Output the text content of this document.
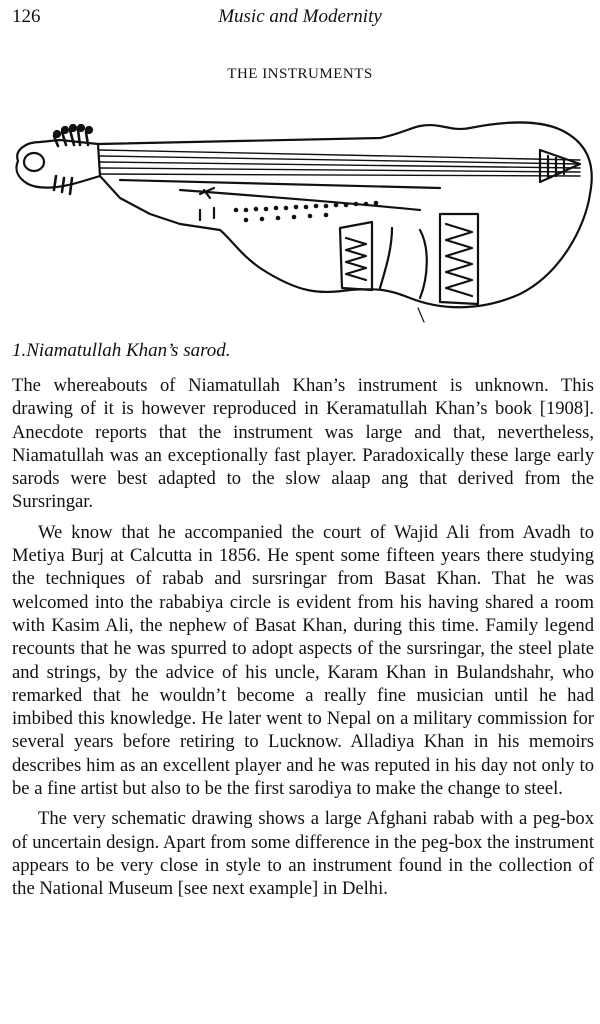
126	Music and Modernity
THE INSTRUMENTS
1.Niamatullah Khan’s sarod.

The whereabouts of Niamatullah Khan’s instrument is unknown. This drawing of it is however reproduced in Keramatullah Khan’s book [1908]. Anecdote reports that the instrument was large and that, nevertheless, Niamatullah was an exceptionally fast player. Paradoxically these large early sarods were best adapted to the slow alaap ang that derived from the Sursringar.

We know that he accompanied the court of Wajid Ali from Avadh to Metiya Burj at Calcutta in 1856. He spent some fifteen years there studying the techniques of rabab and sursringar from Basat Khan. That he was welcomed into the rababiya circle is evident from his having shared a room with Kasim Ali, the nephew of Basat Khan, during this time. Family legend recounts that he was spurred to adopt aspects of the sursringar, the steel plate and strings, by the advice of his uncle, Karam Khan in Bulandshahr, who remarked that he wouldn’t become a really fine musician until he had imbibed this knowledge. He later went to Nepal on a military commission for several years before retiring to Lucknow. Alladiya Khan in his memoirs describes him as an excellent player and he was reputed in his day not only to be a fine artist but also to be the first sarodiya to make the change to steel.

The very schematic drawing shows a large Afghani rabab with a peg-box of uncertain design. Apart from some difference in the peg-box the instrument appears to be very close in style to an instrument found in the collection of the National Museum [see next example] in Delhi.
